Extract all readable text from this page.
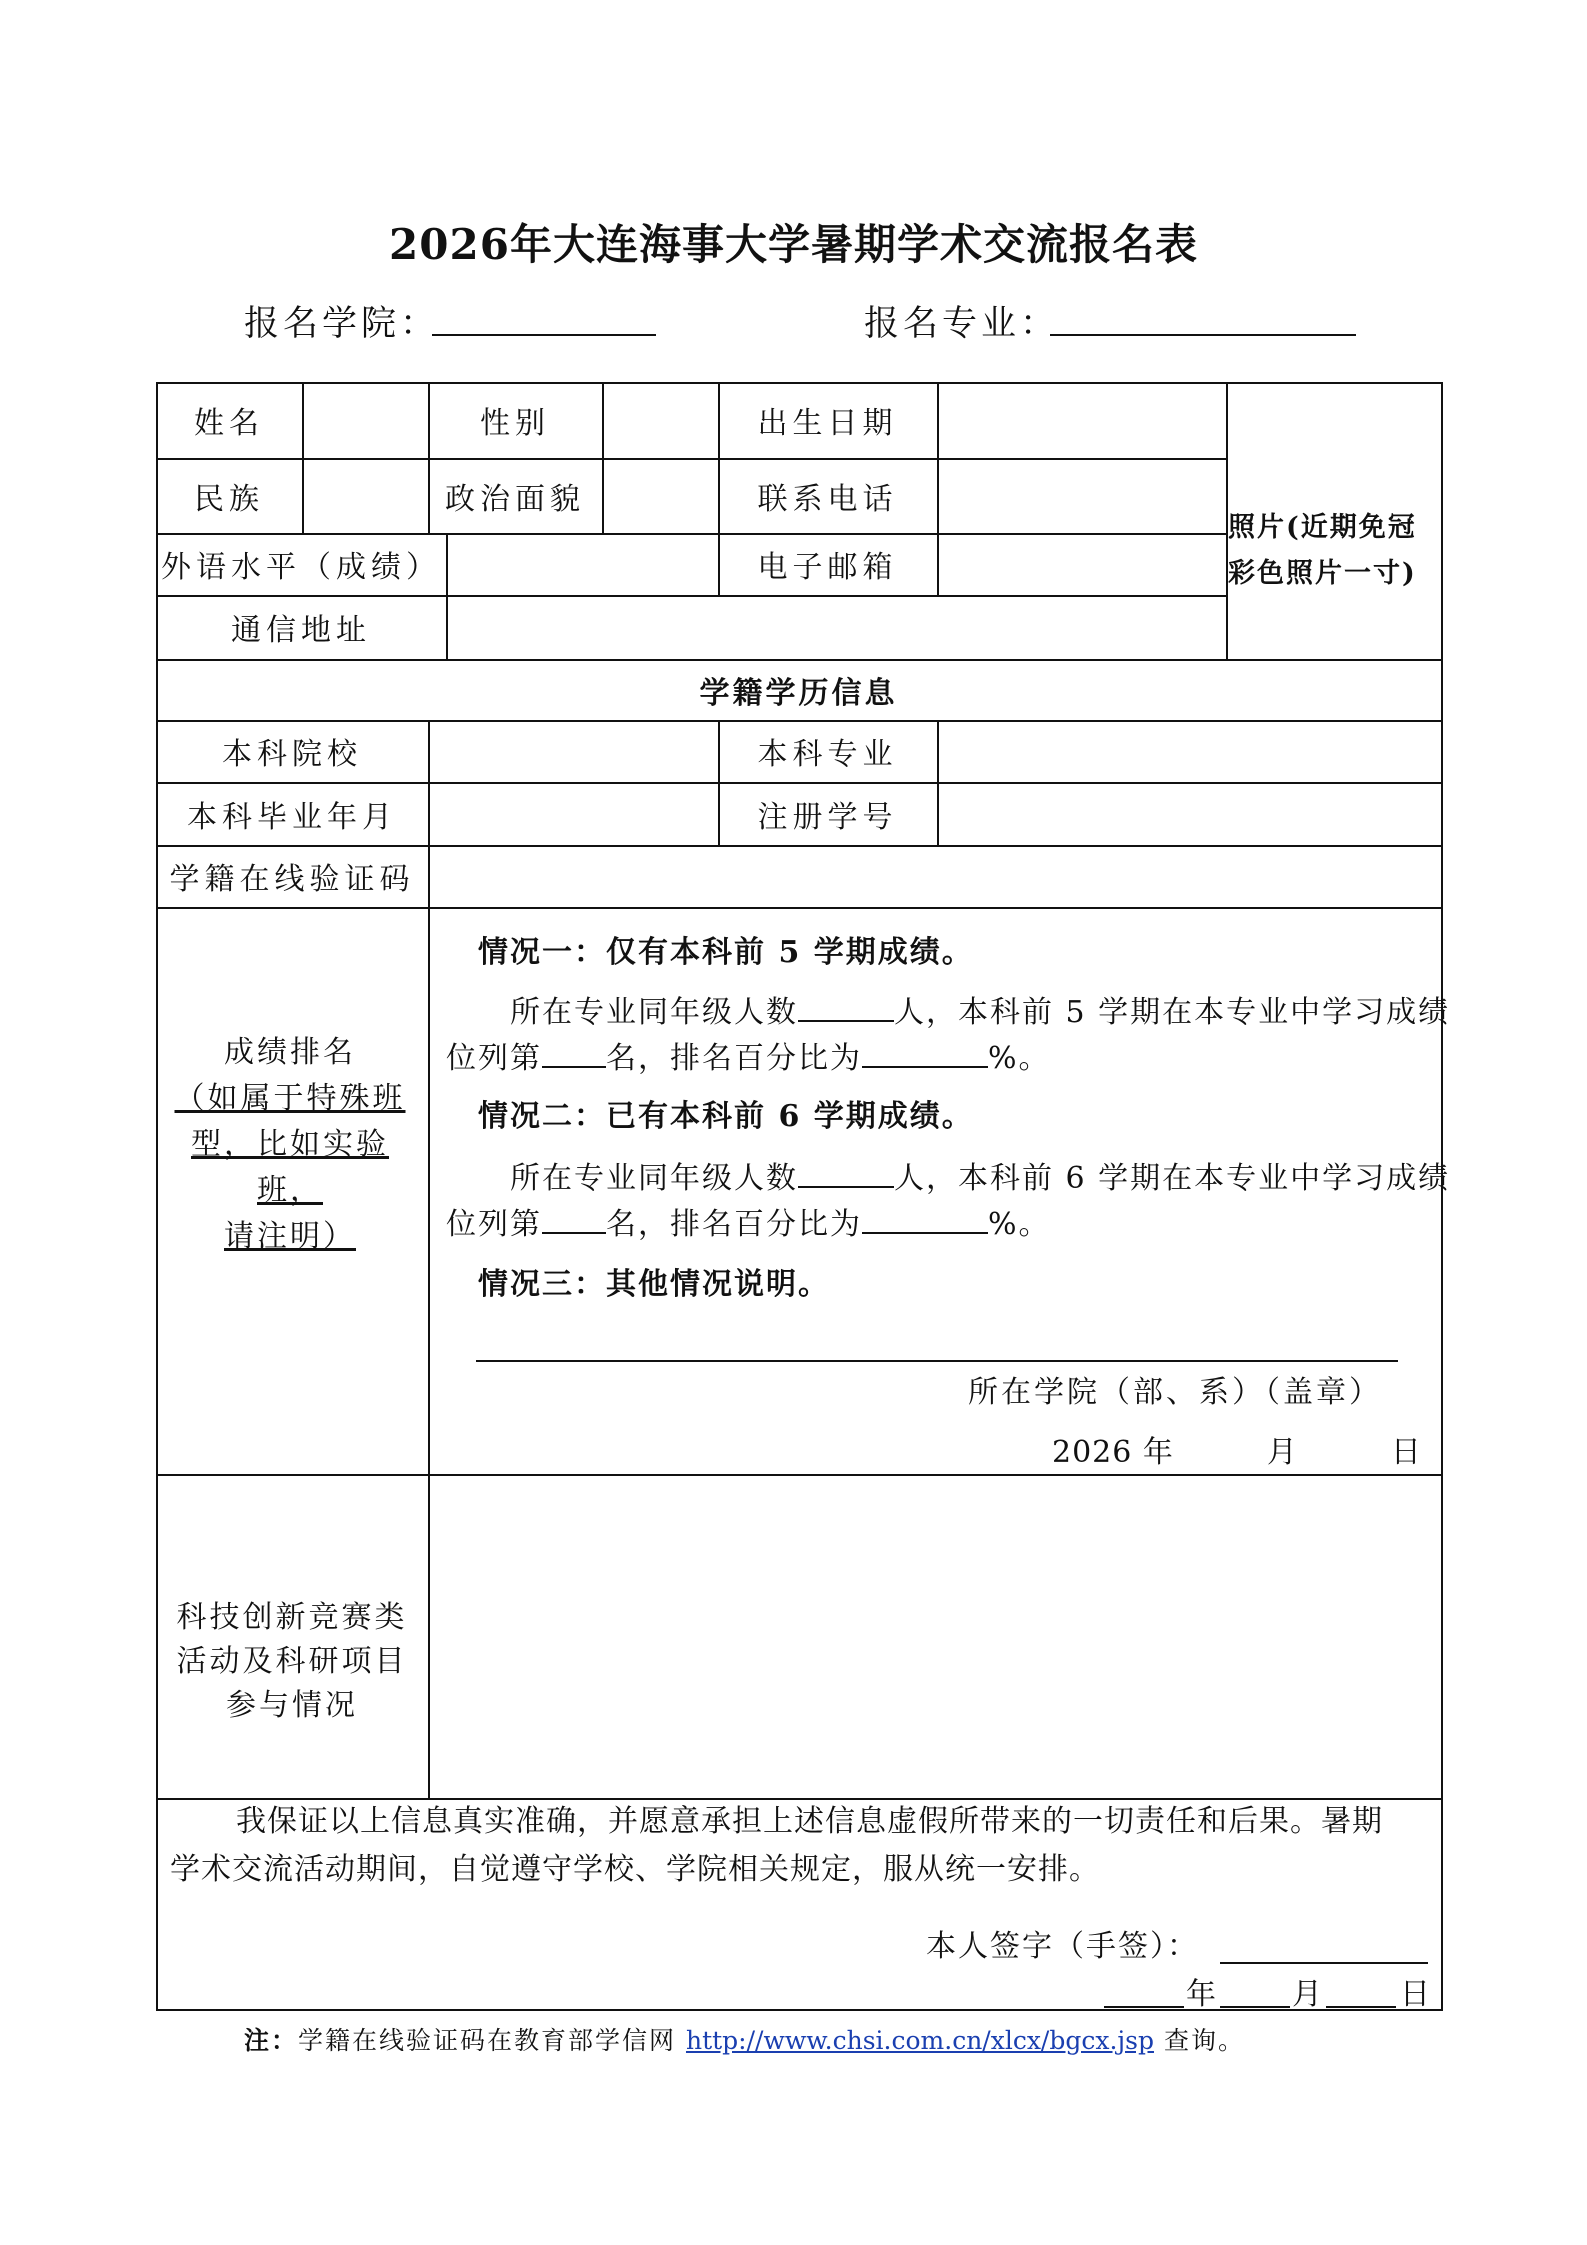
2026年大连海事大学暑期学术交流报名表
报名学院：	报名专业：
姓名	性别	出生日期
民族	政治面貌	联系电话
外语水平（成绩）	电子邮箱
通信地址
照片(近期免冠
彩色照片一寸)
学籍学历信息
本科院校	本科专业
本科毕业年月	注册学号
学籍在线验证码
成绩排名
（如属于特殊班
型，比如实验班，
请注明）
情况一：仅有本科前 5 学期成绩。
所在专业同年级人数	人，本科前 5 学期在本专业中学习成绩
位列第 名，排名百分比为	%。
情况二：已有本科前 6 学期成绩。
所在专业同年级人数	人，本科前 6 学期在本专业中学习成绩
位列第 名，排名百分比为	%。
情况三：其他情况说明。
所在学院（部、系）（盖章）
2026 年　　　月　　　日
科技创新竞赛类
活动及科研项目
参与情况
我保证以上信息真实准确，并愿意承担上述信息虚假所带来的一切责任和后果。暑期
学术交流活动期间，自觉遵守学校、学院相关规定，服从统一安排。
本人签字（手签）：
年 月	日
注：学籍在线验证码在教育部学信网 http://www.chsi.com.cn/xlcx/bgcx.jsp 查询。
